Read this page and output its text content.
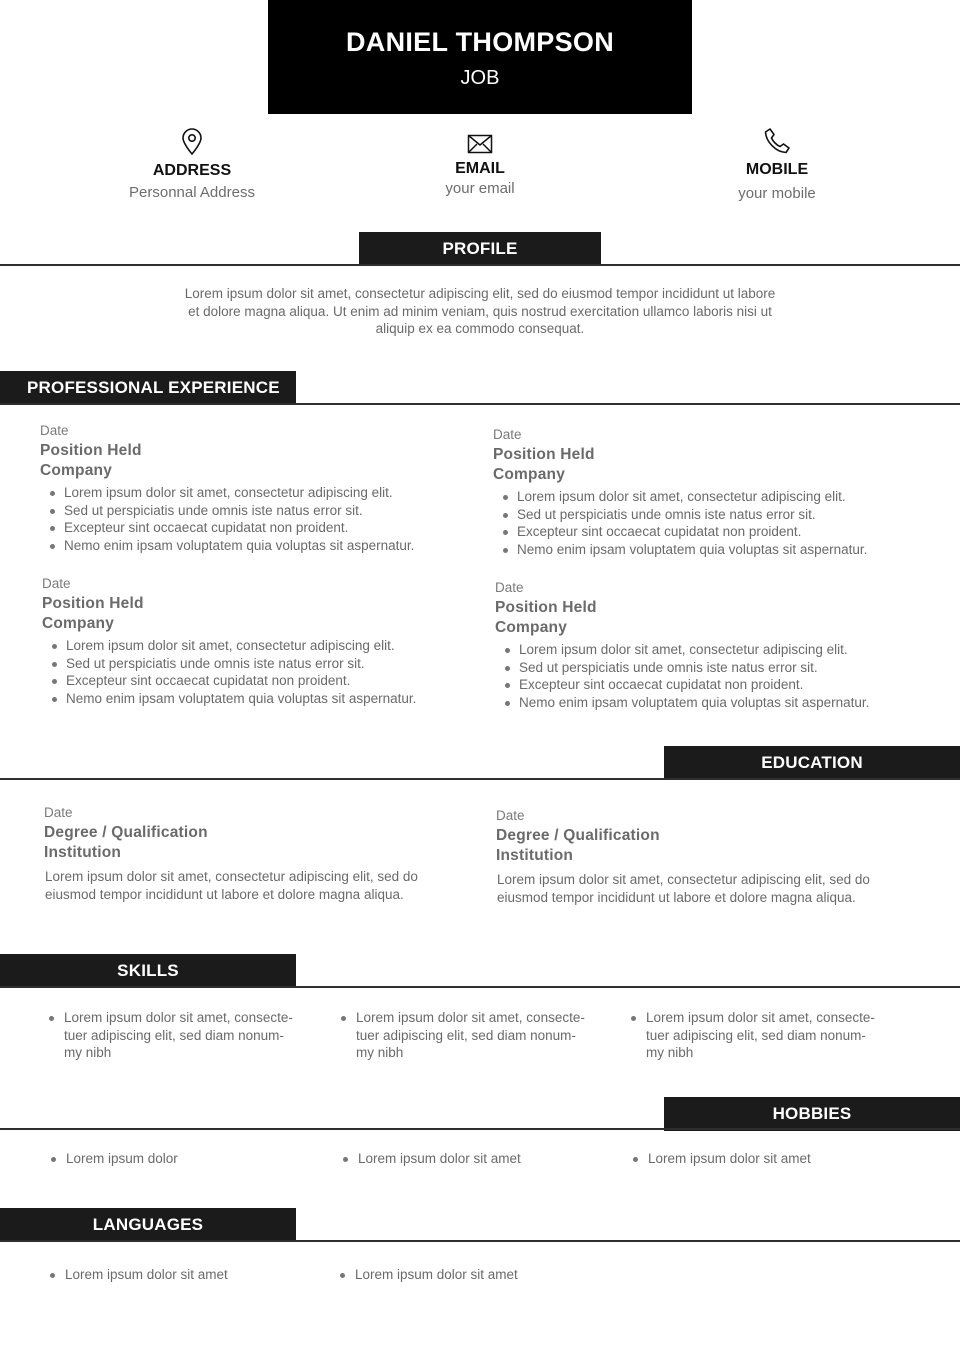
DANIEL THOMPSON
JOB
ADDRESS
Personnal Address
EMAIL
your email
MOBILE
your mobile
PROFILE
Lorem ipsum dolor sit amet, consectetur adipiscing elit, sed do eiusmod tempor incididunt ut labore
et dolore magna aliqua. Ut enim ad minim veniam, quis nostrud exercitation ullamco laboris nisi ut
aliquip ex ea commodo consequat.
PROFESSIONAL EXPERIENCE
Date
Position Held
Company
Lorem ipsum dolor sit amet, consectetur adipiscing elit.
Sed ut perspiciatis unde omnis iste natus error sit.
Excepteur sint occaecat cupidatat non proident.
Nemo enim ipsam voluptatem quia voluptas sit aspernatur.
Date
Position Held
Company
Lorem ipsum dolor sit amet, consectetur adipiscing elit.
Sed ut perspiciatis unde omnis iste natus error sit.
Excepteur sint occaecat cupidatat non proident.
Nemo enim ipsam voluptatem quia voluptas sit aspernatur.
Date
Position Held
Company
Lorem ipsum dolor sit amet, consectetur adipiscing elit.
Sed ut perspiciatis unde omnis iste natus error sit.
Excepteur sint occaecat cupidatat non proident.
Nemo enim ipsam voluptatem quia voluptas sit aspernatur.
Date
Position Held
Company
Lorem ipsum dolor sit amet, consectetur adipiscing elit.
Sed ut perspiciatis unde omnis iste natus error sit.
Excepteur sint occaecat cupidatat non proident.
Nemo enim ipsam voluptatem quia voluptas sit aspernatur.
EDUCATION
Date
Degree / Qualification
Institution
Lorem ipsum dolor sit amet, consectetur adipiscing elit, sed do
eiusmod tempor incididunt ut labore et dolore magna aliqua.
Date
Degree / Qualification
Institution
Lorem ipsum dolor sit amet, consectetur adipiscing elit, sed do
eiusmod tempor incididunt ut labore et dolore magna aliqua.
SKILLS
Lorem ipsum dolor sit amet, consecte-
tuer adipiscing elit, sed diam nonum-
my nibh
Lorem ipsum dolor sit amet, consecte-
tuer adipiscing elit, sed diam nonum-
my nibh
Lorem ipsum dolor sit amet, consecte-
tuer adipiscing elit, sed diam nonum-
my nibh
HOBBIES
Lorem ipsum dolor	Lorem ipsum dolor sit amet	Lorem ipsum dolor sit amet
LANGUAGES
Lorem ipsum dolor sit amet	Lorem ipsum dolor sit amet
